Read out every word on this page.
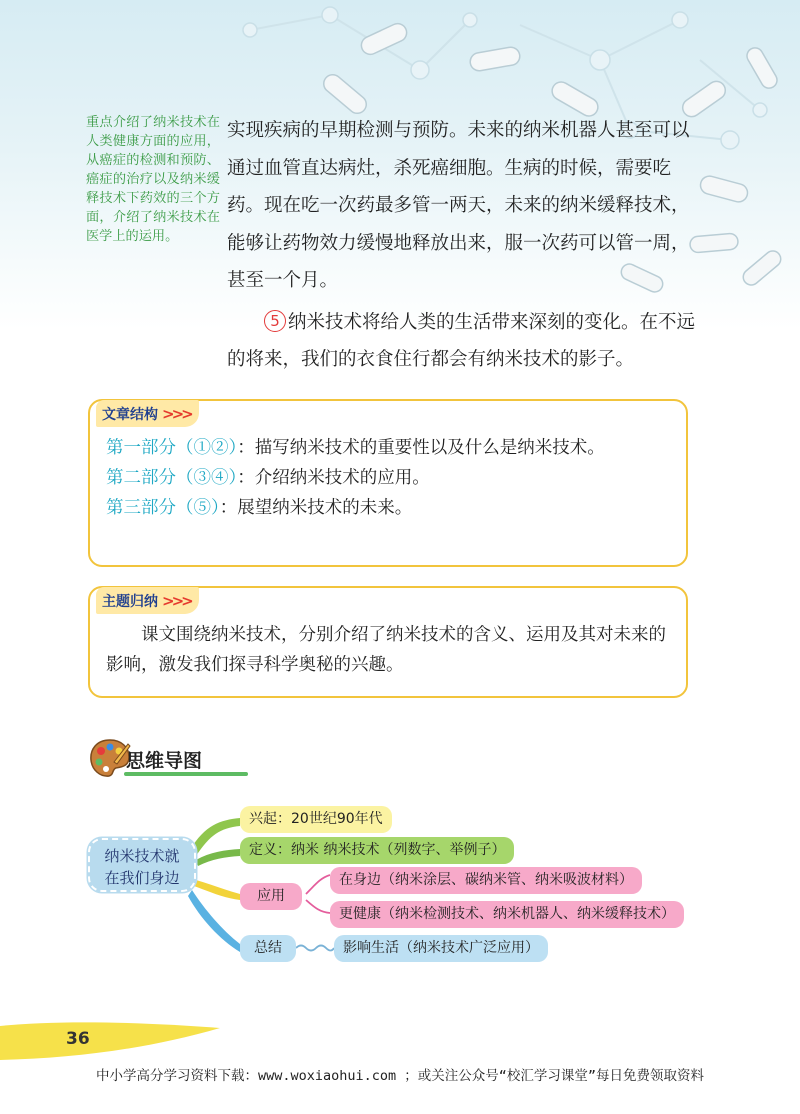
重点介绍了纳米技术在人类健康方面的应用，从癌症的检测和预防、癌症的治疗以及纳米缓释技术下药效的三个方面，介绍了纳米技术在医学上的运用。

实现疾病的早期检测与预防。未来的纳米机器人甚至可以通过血管直达病灶，杀死癌细胞。生病的时候，需要吃药。现在吃一次药最多管一两天，未来的纳米缓释技术，能够让药物效力缓慢地释放出来，服一次药可以管一周，甚至一个月。

5 纳米技术将给人类的生活带来深刻的变化。在不远的将来，我们的衣食住行都会有纳米技术的影子。

文章结构 >>>

第一部分（①②）：描写纳米技术的重要性以及什么是纳米技术。

第二部分（③④）：介绍纳米技术的应用。

第三部分（⑤）：展望纳米技术的未来。

主题归纳 >>>
课文围绕纳米技术，分别介绍了纳米技术的含义、运用及其对未来的影响，激发我们探寻科学奥秘的兴趣。
思维导图
纳米技术就
在我们身边
兴起：20世纪90年代
定义：纳米 纳米技术（列数字、举例子）
应用
在身边（纳米涂层、碳纳米管、纳米吸波材料）
更健康（纳米检测技术、纳米机器人、纳米缓释技术）
总结	影响生活（纳米技术广泛应用）
36
中小学高分学习资料下载：www.woxiaohui.com ；或关注公众号“校汇学习课堂”每日免费领取资料
